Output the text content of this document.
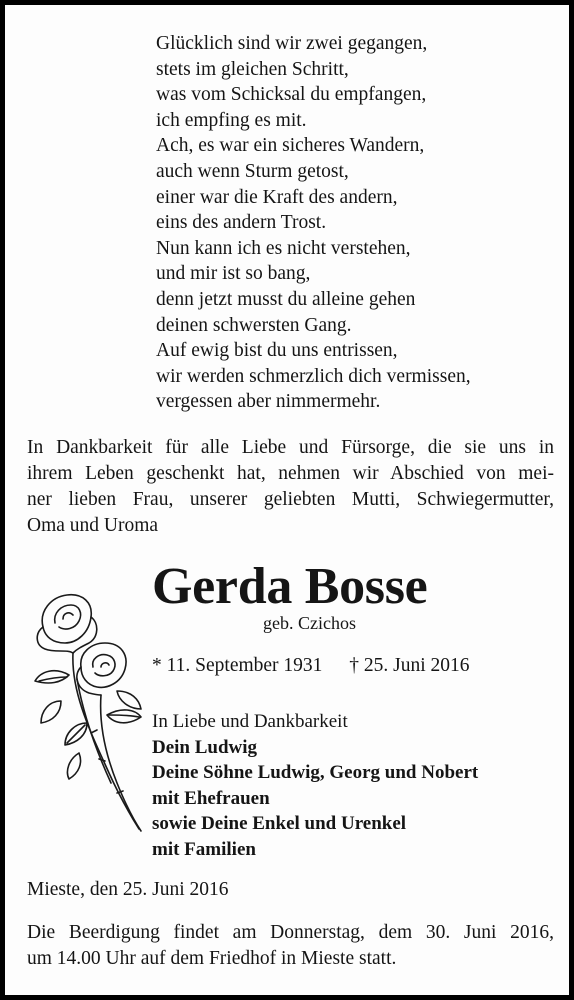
Glücklich sind wir zwei gegangen,
stets im gleichen Schritt,
was vom Schicksal du empfangen,
ich empfing es mit.
Ach, es war ein sicheres Wandern,
auch wenn Sturm getost,
einer war die Kraft des andern,
eins des andern Trost.
Nun kann ich es nicht verstehen,
und mir ist so bang,
denn jetzt musst du alleine gehen
deinen schwersten Gang.
Auf ewig bist du uns entrissen,
wir werden schmerzlich dich vermissen,
vergessen aber nimmermehr.
In Dankbarkeit für alle Liebe und Fürsorge, die sie uns in
ihrem Leben geschenkt hat, nehmen wir Abschied von mei-
ner lieben Frau, unserer geliebten Mutti, Schwiegermutter,
Oma und Uroma
Gerda Bosse
geb. Czichos
* 11. September 1931 † 25. Juni 2016
In Liebe und Dankbarkeit
Dein Ludwig
Deine Söhne Ludwig, Georg und Nobert
mit Ehefrauen
sowie Deine Enkel und Urenkel
mit Familien
Mieste, den 25. Juni 2016
Die Beerdigung findet am Donnerstag, dem 30. Juni 2016,
um 14.00 Uhr auf dem Friedhof in Mieste statt.
